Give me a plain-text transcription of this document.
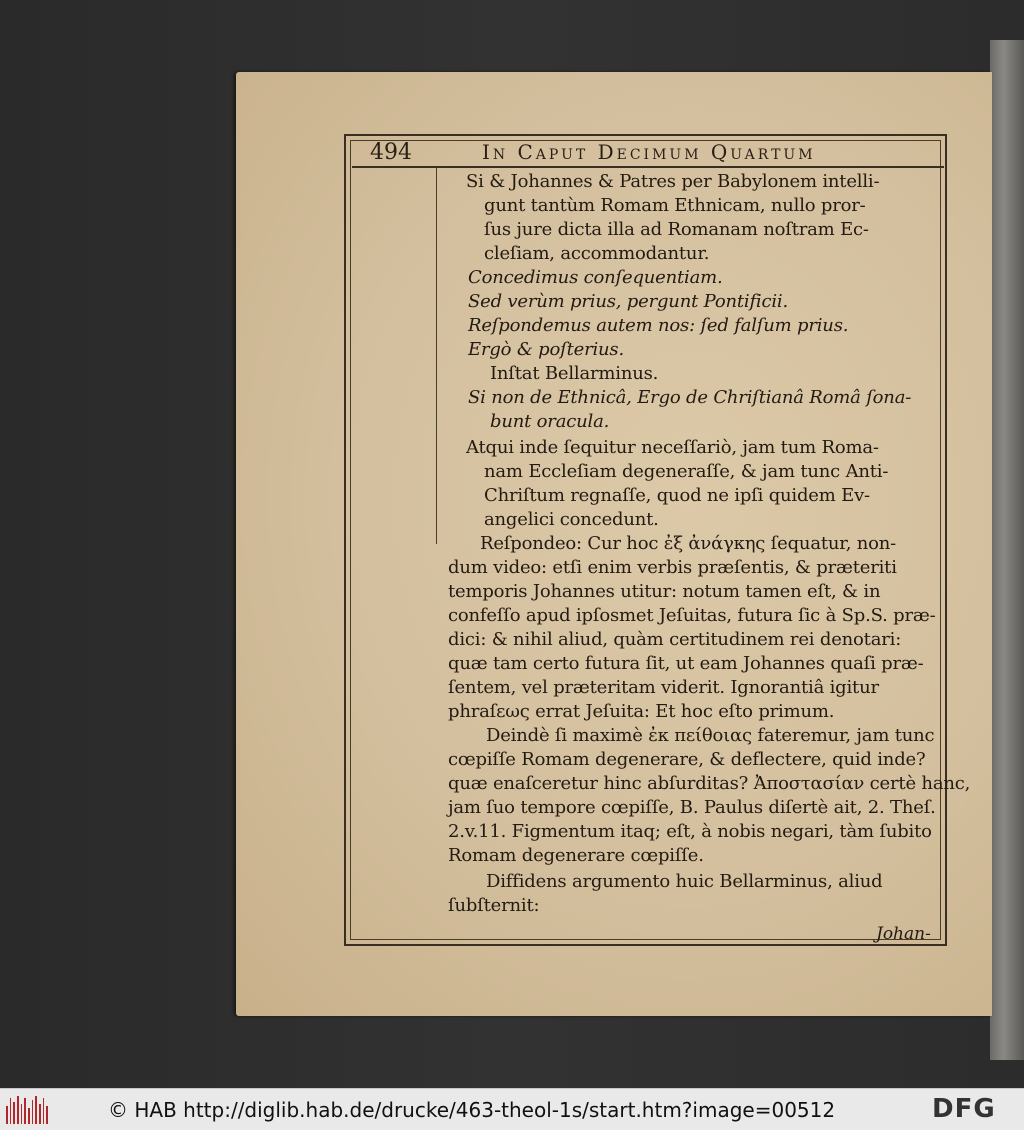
494	In Caput Decimum Quartum
Si & Johannes & Patres per Babylonem intelli-
gunt tantùm Romam Ethnicam, nullo pror-
ſus jure dicta illa ad Romanam noſtram Ec-
cleſiam, accommodantur.
Concedimus conſequentiam.
Sed verùm prius, pergunt Pontificii.
Reſpondemus autem nos: ſed falſum prius.
Ergò & poſterius.
Inſtat Bellarminus.
Si non de Ethnicâ, Ergo de Chriſtianâ Româ ſona-
bunt oracula.
Atqui inde ſequitur neceſſariò, jam tum Roma-
nam Eccleſiam degeneraſſe, & jam tunc Anti-
Chriſtum regnaſſe, quod ne ipſi quidem Ev-
angelici concedunt.
Reſpondeo: Cur hoc ἐξ ἀνάγκης ſequatur, non-
dum video: etſi enim verbis præſentis, & præteriti
temporis Johannes utitur: notum tamen eſt, & in
confeſſo apud ipſosmet Jeſuitas, futura ſic à Sp.S. præ-
dici: & nihil aliud, quàm certitudinem rei denotari:
quæ tam certo futura ſit, ut eam Johannes quaſi præ-
ſentem, vel præteritam viderit. Ignorantiâ igitur
phraſεως errat Jeſuita: Et hoc eſto primum.
Deindè ſi maximè ἐκ πείθοιας fateremur, jam tunc
cœpiſſe Romam degenerare, & deflectere, quid inde?
quæ enaſceretur hinc abſurditas? Ἀποστασίαν certè hanc,
jam ſuo tempore cœpiſſe, B. Paulus diſertè ait, 2. Theſ.
2.v.11. Figmentum itaq; eſt, à nobis negari, tàm ſubito
Romam degenerare cœpiſſe.
Diffidens argumento huic Bellarminus, aliud
ſubſternit:
Johan-
© HAB http://diglib.hab.de/drucke/463-theol-1s/start.htm?image=00512	DFG
